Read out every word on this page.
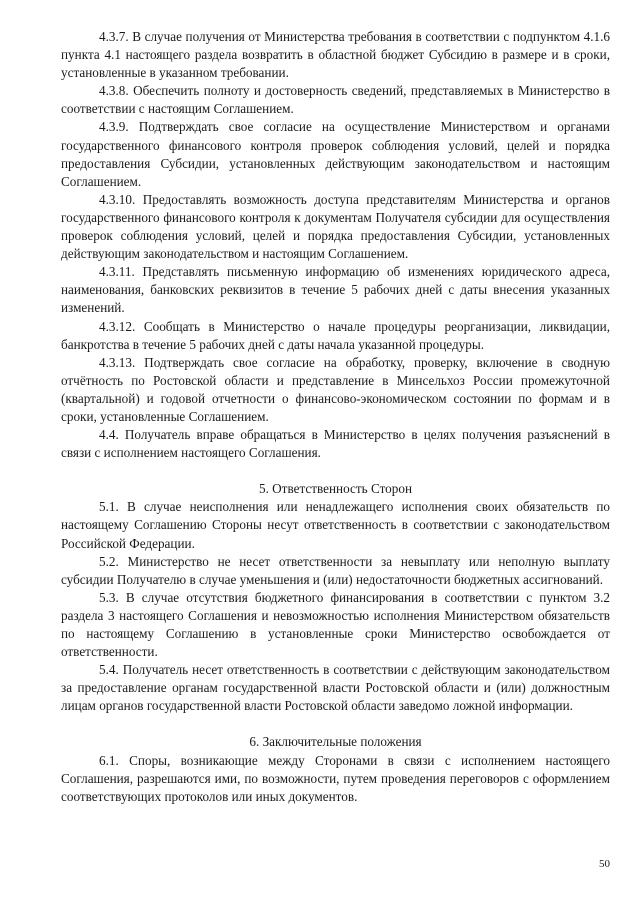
4.3.7. В случае получения от Министерства требования в соответствии с подпунктом 4.1.6 пункта 4.1 настоящего раздела возвратить в областной бюджет Субсидию в размере и в сроки, установленные в указанном требовании.

4.3.8. Обеспечить полноту и достоверность сведений, представляемых в Министерство в соответствии с настоящим Соглашением.

4.3.9. Подтверждать свое согласие на осуществление Министерством и органами государственного финансового контроля проверок соблюдения условий, целей и порядка предоставления Субсидии, установленных действующим законодательством и настоящим Соглашением.

4.3.10. Предоставлять возможность доступа представителям Министерства и органов государственного финансового контроля к документам Получателя субсидии для осуществления проверок соблюдения условий, целей и порядка предоставления Субсидии, установленных действующим законодательством и настоящим Соглашением.

4.3.11. Представлять письменную информацию об изменениях юридического адреса, наименования, банковских реквизитов в течение 5 рабочих дней с даты внесения указанных изменений.

4.3.12. Сообщать в Министерство о начале процедуры реорганизации, ликвидации, банкротства в течение 5 рабочих дней с даты начала указанной процедуры.

4.3.13. Подтверждать свое согласие на обработку, проверку, включение в сводную отчётность по Ростовской области и представление в Минсельхоз России промежуточной (квартальной) и годовой отчетности о финансово-экономическом состоянии по формам и в сроки, установленные Соглашением.

4.4. Получатель вправе обращаться в Министерство в целях получения разъяснений в связи с исполнением настоящего Соглашения.

5. Ответственность Сторон

5.1. В случае неисполнения или ненадлежащего исполнения своих обязательств по настоящему Соглашению Стороны несут ответственность в соответствии с законодательством Российской Федерации.

5.2. Министерство не несет ответственности за невыплату или неполную выплату субсидии Получателю в случае уменьшения и (или) недостаточности бюджетных ассигнований.

5.3. В случае отсутствия бюджетного финансирования в соответствии с пунктом 3.2 раздела 3 настоящего Соглашения и невозможностью исполнения Министерством обязательств по настоящему Соглашению в установленные сроки Министерство освобождается от ответственности.

5.4. Получатель несет ответственность в соответствии с действующим законодательством за предоставление органам государственной власти Ростовской области и (или) должностным лицам органов государственной власти Ростовской области заведомо ложной информации.

6. Заключительные положения

6.1. Споры, возникающие между Сторонами в связи с исполнением настоящего Соглашения, разрешаются ими, по возможности, путем проведения переговоров с оформлением соответствующих протоколов или иных документов.

50
